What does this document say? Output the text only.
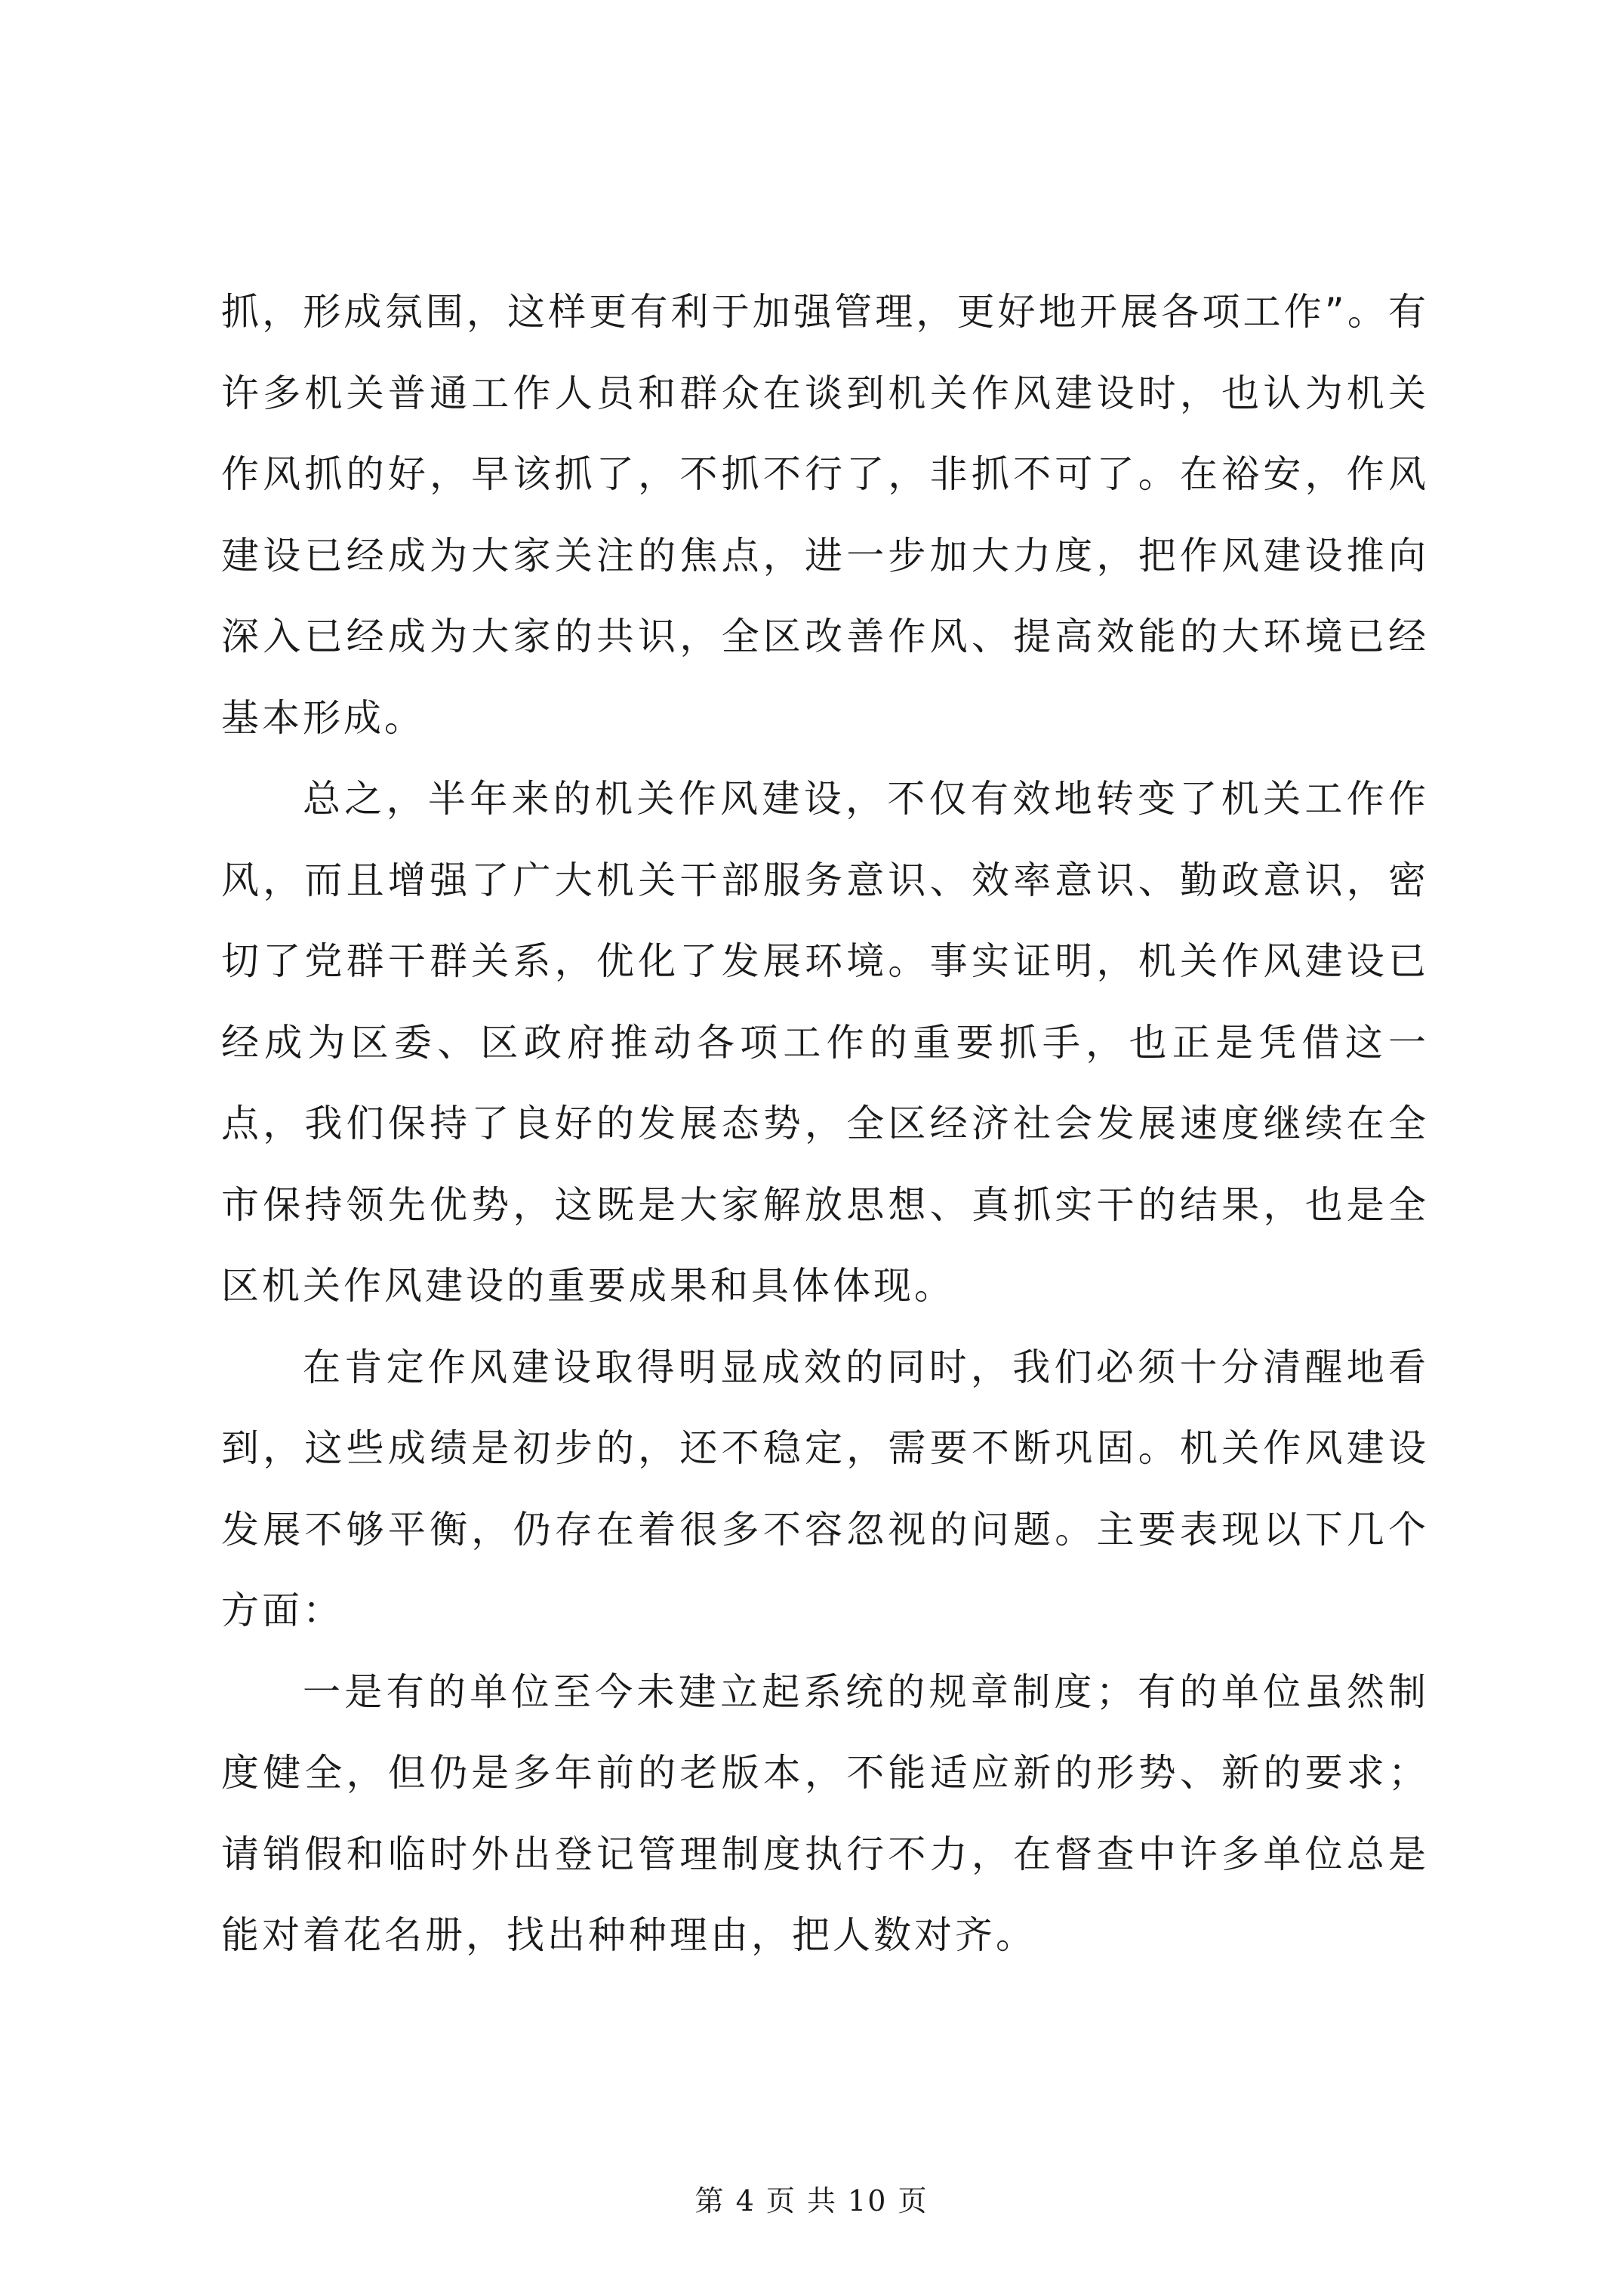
抓，形成氛围，这样更有利于加强管理，更好地开展各项工作”。有许多机关普通工作人员和群众在谈到机关作风建设时，也认为机关作风抓的好，早该抓了，不抓不行了，非抓不可了。在裕安，作风建设已经成为大家关注的焦点，进一步加大力度，把作风建设推向深入已经成为大家的共识，全区改善作风、提高效能的大环境已经基本形成。

总之，半年来的机关作风建设，不仅有效地转变了机关工作作风，而且增强了广大机关干部服务意识、效率意识、勤政意识，密切了党群干群关系，优化了发展环境。事实证明，机关作风建设已经成为区委、区政府推动各项工作的重要抓手，也正是凭借这一点，我们保持了良好的发展态势，全区经济社会发展速度继续在全市保持领先优势，这既是大家解放思想、真抓实干的结果，也是全区机关作风建设的重要成果和具体体现。

在肯定作风建设取得明显成效的同时，我们必须十分清醒地看到，这些成绩是初步的，还不稳定，需要不断巩固。机关作风建设发展不够平衡，仍存在着很多不容忽视的问题。主要表现以下几个方面：

一是有的单位至今未建立起系统的规章制度；有的单位虽然制度健全，但仍是多年前的老版本，不能适应新的形势、新的要求；请销假和临时外出登记管理制度执行不力，在督查中许多单位总是能对着花名册，找出种种理由，把人数对齐。

第 4 页 共 10 页
